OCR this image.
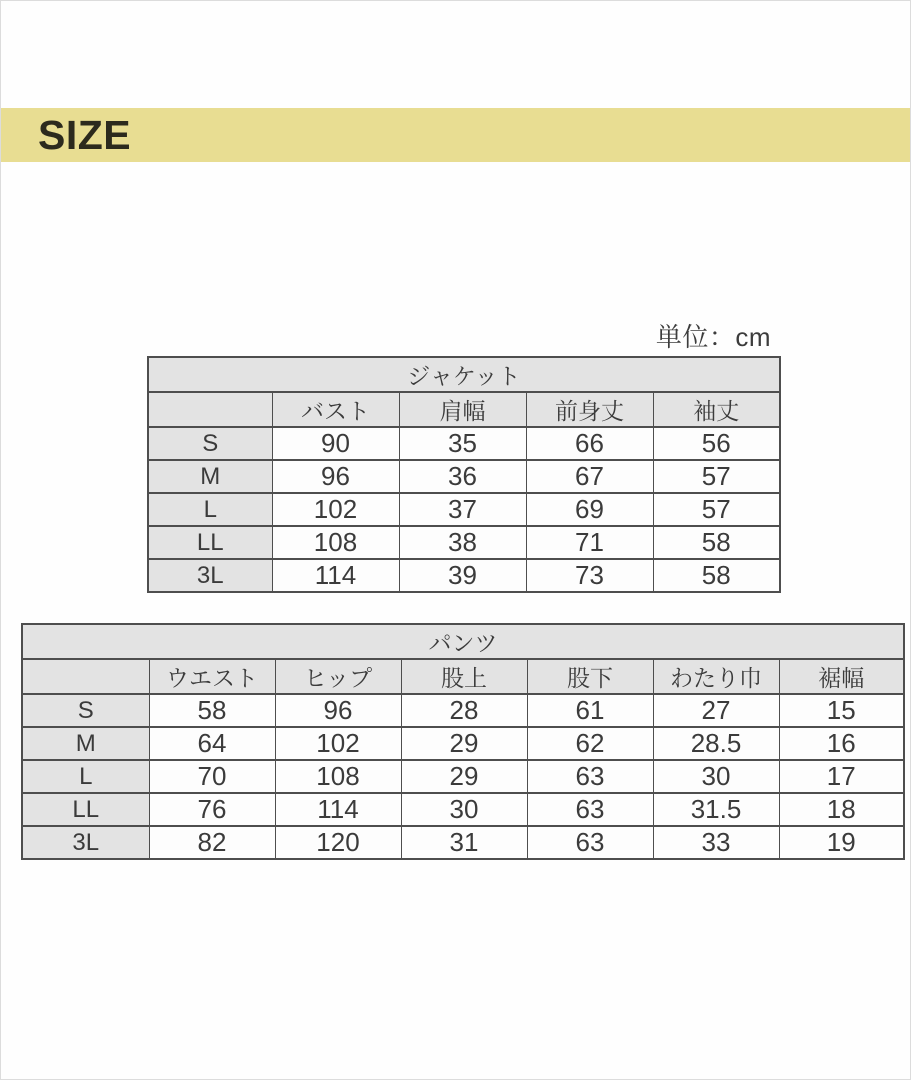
SIZE
単位：cm
ジャケット				
	バスト	肩幅	前身丈	袖丈
S	90	35	66	56
M	96	36	67	57
L	102	37	69	57
LL	108	38	71	58
3L	114	39	73	58
パンツ						
	ウエスト	ヒップ	股上	股下	わたり巾	裾幅
S	58	96	28	61	27	15
M	64	102	29	62	28.5	16
L	70	108	29	63	30	17
LL	76	114	30	63	31.5	18
3L	82	120	31	63	33	19
